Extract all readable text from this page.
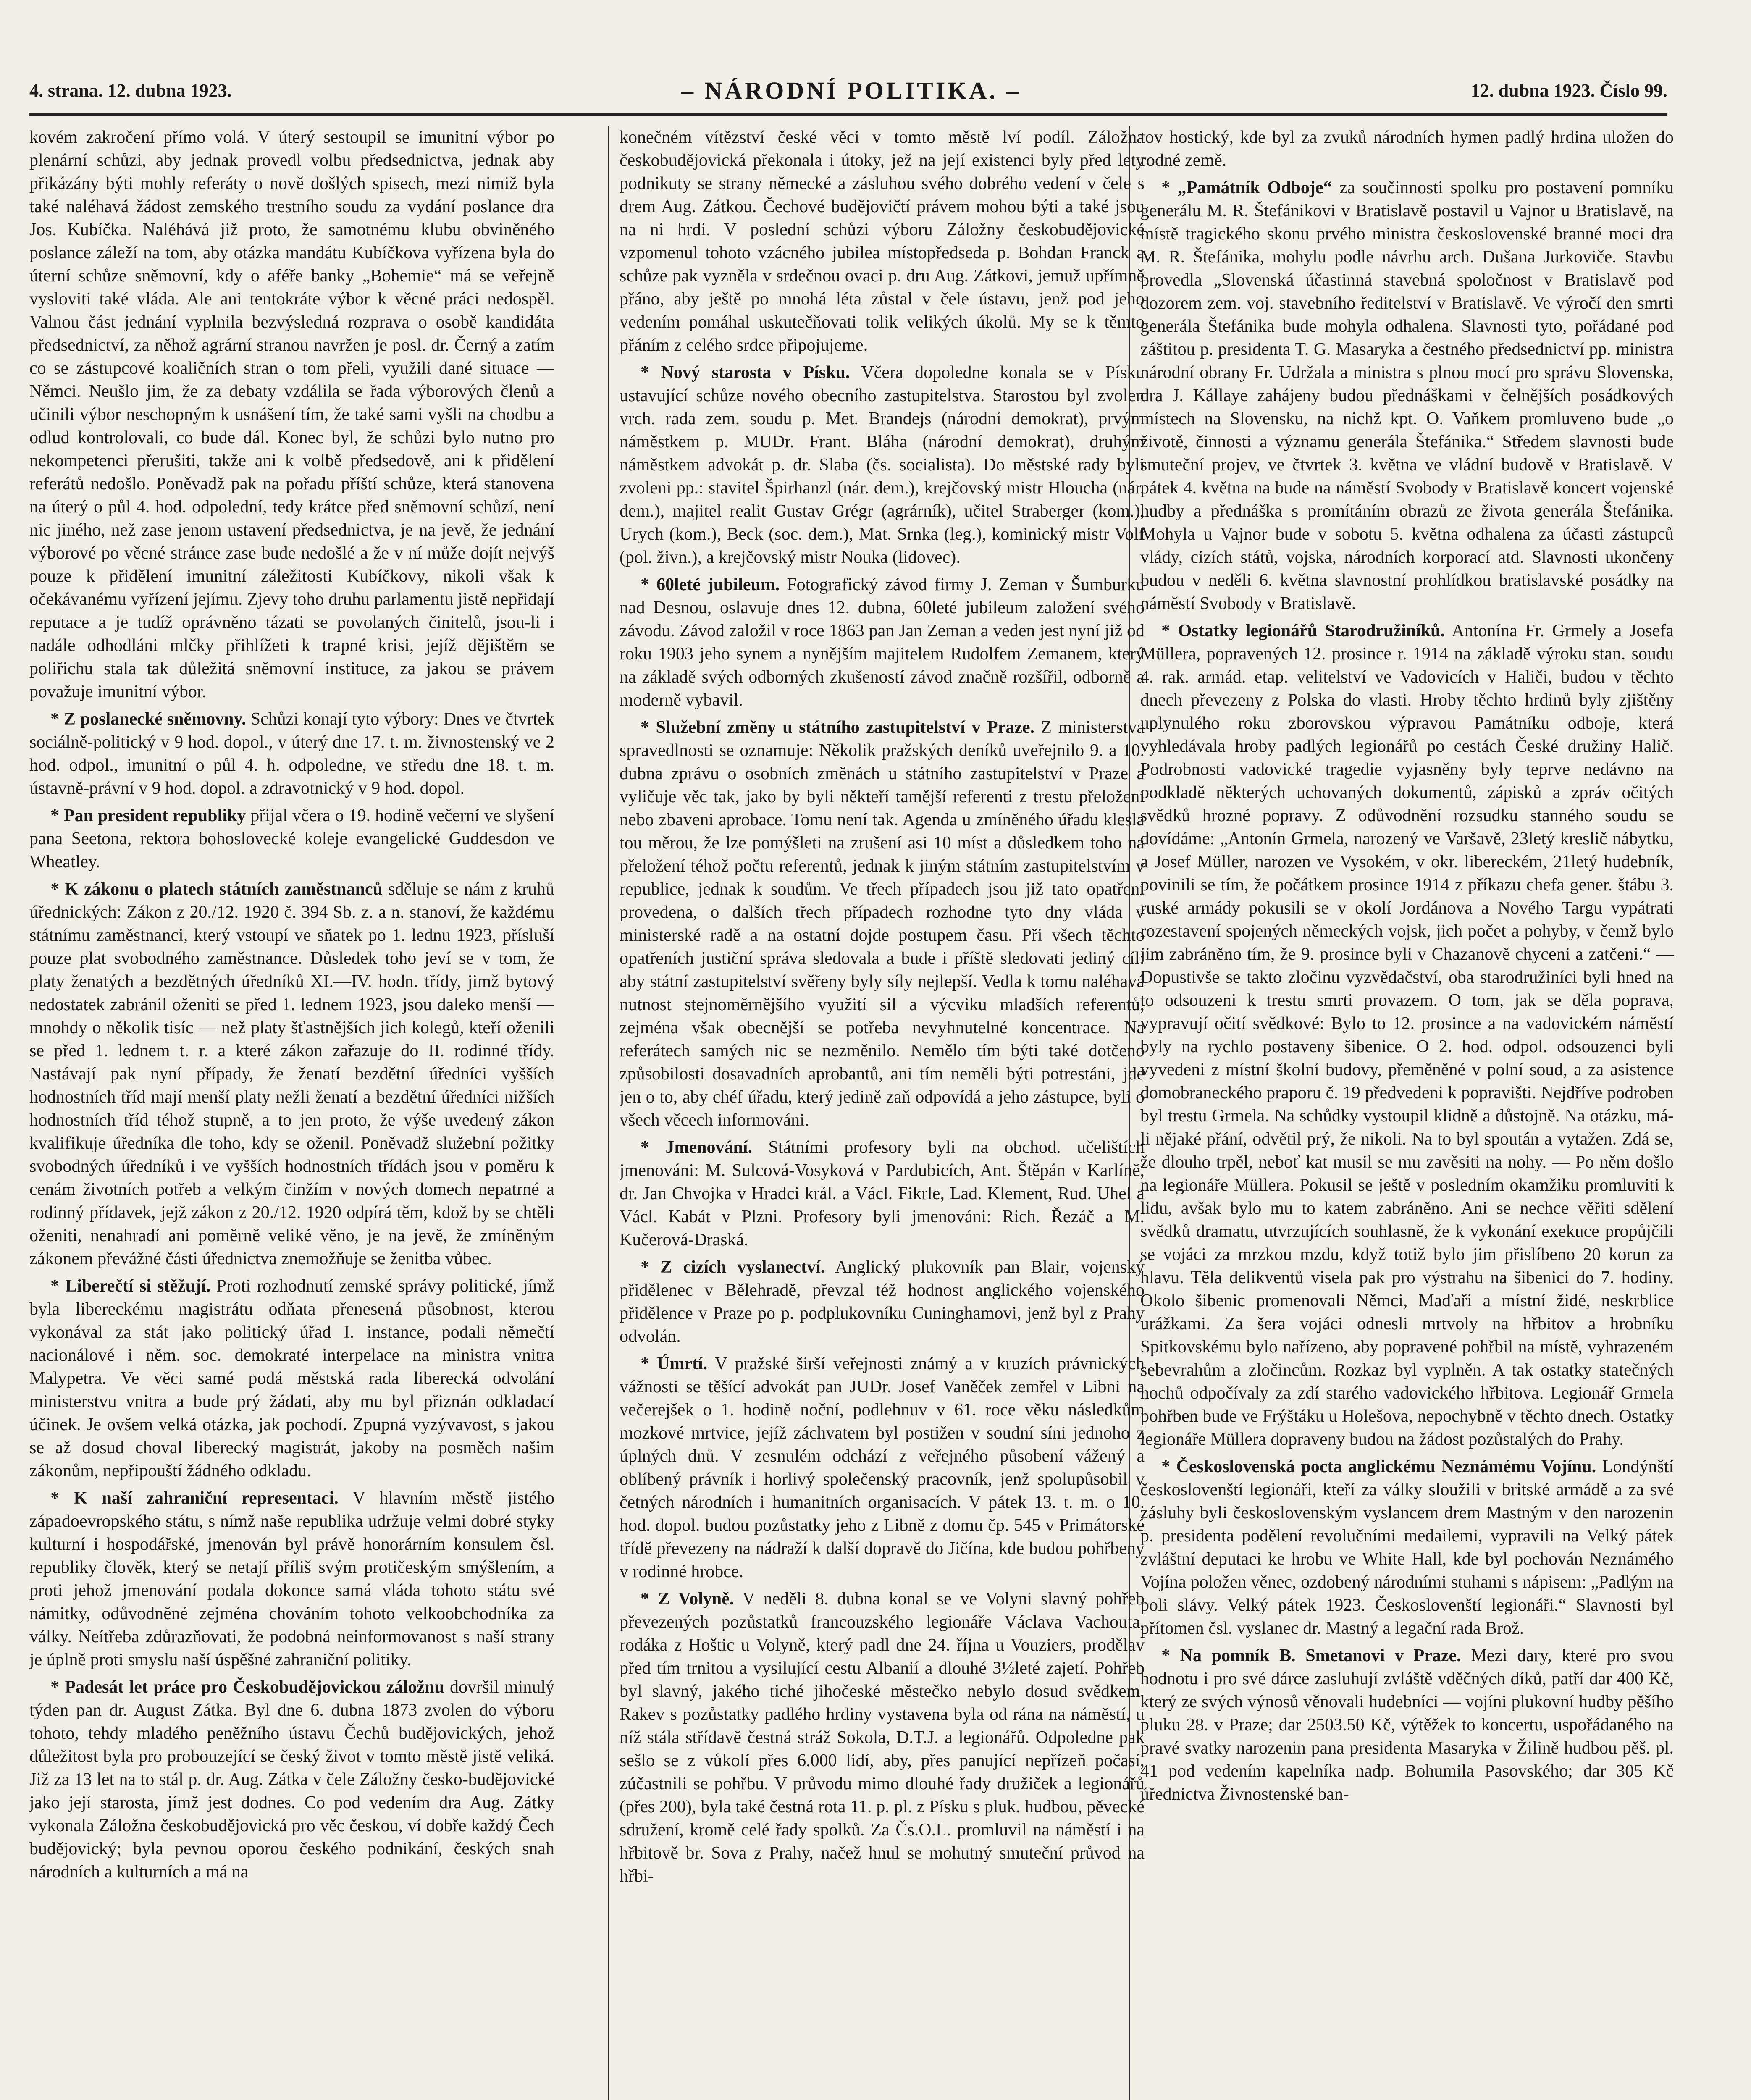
4. strana. 12. dubna 1923.	– NÁRODNÍ POLITIKA. –	12. dubna 1923. Číslo 99.

kovém zakročení přímo volá. V úterý sestoupil se imunitní výbor po plenární schůzi, aby jednak provedl volbu předsednictva, jednak aby přikázány býti mohly referáty o nově došlých spisech, mezi nimiž byla také naléhavá žádost zemského trestního soudu za vydání poslance dra Jos. Kubíčka. Naléhává již proto, že samotnému klubu obviněného poslance záleží na tom, aby otázka mandátu Kubíčkova vyřízena byla do úterní schůze sněmovní, kdy o aféře banky „Bohemie“ má se veřejně vysloviti také vláda. Ale ani tentokráte výbor k věcné práci nedospěl. Valnou část jednání vyplnila bezvýsledná rozprava o osobě kandidáta předsednictví, za něhož agrární stranou navržen je posl. dr. Černý a zatím co se zástupcové koaličních stran o tom přeli, využili dané situace — Němci. Neušlo jim, že za debaty vzdálila se řada výborových členů a učinili výbor neschopným k usnášení tím, že také sami vyšli na chodbu a odlud kontrolovali, co bude dál. Konec byl, že schůzi bylo nutno pro nekompetenci přerušiti, takže ani k volbě předsedově, ani k přidělení referátů nedošlo. Poněvadž pak na pořadu příští schůze, která stanovena na úterý o půl 4. hod. odpolední, tedy krátce před sněmovní schůzí, není nic jiného, než zase jenom ustavení předsednictva, je na jevě, že jednání výborové po věcné stránce zase bude nedošlé a že v ní může dojít nejvýš pouze k přidělení imunitní záležitosti Kubíčkovy, nikoli však k očekávanému vyřízení jejímu. Zjevy toho druhu parlamentu jistě nepřidají reputace a je tudíž oprávněno tázati se povolaných činitelů, jsou-li i nadále odhodláni mlčky přihlížeti k trapné krisi, jejíž dějištěm se poliřichu stala tak důležitá sněmovní instituce, za jakou se právem považuje imunitní výbor.

* Z poslanecké sněmovny. Schůzi konají tyto výbory: Dnes ve čtvrtek sociálně-politický v 9 hod. dopol., v úterý dne 17. t. m. živnostenský ve 2 hod. odpol., imunitní o půl 4. h. odpoledne, ve středu dne 18. t. m. ústavně-právní v 9 hod. dopol. a zdravotnický v 9 hod. dopol.

* Pan president republiky přijal včera o 19. hodině večerní ve slyšení pana Seetona, rektora bohoslovecké koleje evangelické Guddesdon ve Wheatley.

* K zákonu o platech státních zaměstnanců sděluje se nám z kruhů úřednických: Zákon z 20./12. 1920 č. 394 Sb. z. a n. stanoví, že každému státnímu zaměstnanci, který vstoupí ve sňatek po 1. lednu 1923, přísluší pouze plat svobodného zaměstnance. Důsledek toho jeví se v tom, že platy ženatých a bezdětných úředníků XI.—IV. hodn. třídy, jimž bytový nedostatek zabránil oženiti se před 1. lednem 1923, jsou daleko menší — mnohdy o několik tisíc — než platy šťastnějších jich kolegů, kteří oženili se před 1. lednem t. r. a které zákon zařazuje do II. rodinné třídy. Nastávají pak nyní případy, že ženatí bezdětní úředníci vyšších hodnostních tříd mají menší platy nežli ženatí a bezdětní úředníci nižších hodnostních tříd téhož stupně, a to jen proto, že výše uvedený zákon kvalifikuje úředníka dle toho, kdy se oženil. Poněvadž služební požitky svobodných úředníků i ve vyšších hodnostních třídách jsou v poměru k cenám životních potřeb a velkým činžím v nových domech nepatrné a rodinný přídavek, jejž zákon z 20./12. 1920 odpírá těm, kdož by se chtěli oženiti, nenahradí ani poměrně veliké věno, je na jevě, že zmíněným zákonem převážné části úřednictva znemožňuje se ženitba vůbec.

* Liberečtí si stěžují. Proti rozhodnutí zemské správy politické, jímž byla libereckému magistrátu odňata přenesená působnost, kterou vykonával za stát jako politický úřad I. instance, podali němečtí nacionálové i něm. soc. demokraté interpelace na ministra vnitra Malypetra. Ve věci samé podá městská rada liberecká odvolání ministerstvu vnitra a bude prý žádati, aby mu byl přiznán odkladací účinek. Je ovšem velká otázka, jak pochodí. Zpupná vyzývavost, s jakou se až dosud choval liberecký magistrát, jakoby na posměch našim zákonům, nepřipouští žádného odkladu.

* K naší zahraniční representaci. V hlavním městě jistého západoevropského státu, s nímž naše republika udržuje velmi dobré styky kulturní i hospodářské, jmenován byl právě honorárním konsulem čsl. republiky člověk, který se netají příliš svým protičeským smýšlením, a proti jehož jmenování podala dokonce samá vláda tohoto státu své námitky, odůvodněné zejména chováním tohoto velkoobchodníka za války. Neítřeba zdůrazňovati, že podobná neinformovanost s naší strany je úplně proti smyslu naší úspěšné zahraniční politiky.

* Padesát let práce pro Českobudějovickou záložnu dovršil minulý týden pan dr. August Zátka. Byl dne 6. dubna 1873 zvolen do výboru tohoto, tehdy mladého peněžního ústavu Čechů budějovických, jehož důležitost byla pro probouzející se český život v tomto městě jistě veliká. Již za 13 let na to stál p. dr. Aug. Zátka v čele Záložny česko-budějovické jako její starosta, jímž jest dodnes. Co pod vedením dra Aug. Zátky vykonala Záložna českobudějovická pro věc českou, ví dobře každý Čech budějovický; byla pevnou oporou českého podnikání, českých snah národních a kulturních a má na

konečném vítězství české věci v tomto městě lví podíl. Záložna českobudějovická překonala i útoky, jež na její existenci byly před lety podnikuty se strany německé a zásluhou svého dobrého vedení v čele s drem Aug. Zátkou. Čechové budějovičtí právem mohou býti a také jsou na ni hrdi. V poslední schůzi výboru Záložny českobudějovické vzpomenul tohoto vzácného jubilea místopředseda p. Bohdan Franck a schůze pak vyzněla v srdečnou ovaci p. dru Aug. Zátkovi, jemuž upřímně přáno, aby ještě po mnohá léta zůstal v čele ústavu, jenž pod jeho vedením pomáhal uskutečňovati tolik velikých úkolů. My se k těmto přáním z celého srdce připojujeme.

* Nový starosta v Písku. Včera dopoledne konala se v Písku ustavující schůze nového obecního zastupitelstva. Starostou byl zvolen vrch. rada zem. soudu p. Met. Brandejs (národní demokrat), prvým náměstkem p. MUDr. Frant. Bláha (národní demokrat), druhým náměstkem advokát p. dr. Slaba (čs. socialista). Do městské rady byli zvoleni pp.: stavitel Špirhanzl (nár. dem.), krejčovský mistr Hloucha (nár. dem.), majitel realit Gustav Grégr (agrárník), učitel Straberger (kom.), Urych (kom.), Beck (soc. dem.), Mat. Srnka (leg.), kominický mistr Volf (pol. živn.), a krejčovský mistr Nouka (lidovec).

* 60leté jubileum. Fotografický závod firmy J. Zeman v Šumburku nad Desnou, oslavuje dnes 12. dubna, 60leté jubileum založení svého závodu. Závod založil v roce 1863 pan Jan Zeman a veden jest nyní již od roku 1903 jeho synem a nynějším majitelem Rudolfem Zemanem, který na základě svých odborných zkušeností závod značně rozšířil, odborně a moderně vybavil.

* Služební změny u státního zastupitelství v Praze. Z ministerstva spravedlnosti se oznamuje: Několik pražských deníků uveřejnilo 9. a 10. dubna zprávu o osobních změnách u státního zastupitelství v Praze a vyličuje věc tak, jako by byli někteří tamější referenti z trestu přeložení nebo zbaveni aprobace. Tomu není tak. Agenda u zmíněného úřadu klesla tou měrou, že lze pomýšleti na zrušení asi 10 míst a důsledkem toho na přeložení téhož počtu referentů, jednak k jiným státním zastupitelstvím v republice, jednak k soudům. Ve třech případech jsou již tato opatření provedena, o dalších třech případech rozhodne tyto dny vláda v ministerské radě a na ostatní dojde postupem času. Při všech těchto opatřeních justiční správa sledovala a bude i příště sledovati jediný cíl: aby státní zastupitelství svěřeny byly síly nejlepší. Vedla k tomu naléhavá nutnost stejnoměrnějšího využití sil a výcviku mladších referentů, zejména však obecnější se potřeba nevyhnutelné koncentrace. Na referátech samých nic se nezměnilo. Nemělo tím býti také dotčeno způsobilosti dosavadních aprobantů, ani tím neměli býti potrestáni, jde jen o to, aby chéf úřadu, který jedině zaň odpovídá a jeho zástupce, byli o všech věcech informováni.

* Jmenování. Státními profesory byli na obchod. učelištích jmenováni: M. Sulcová-Vosyková v Pardubicích, Ant. Štěpán v Karlíně, dr. Jan Chvojka v Hradci král. a Václ. Fikrle, Lad. Klement, Rud. Uhel a Václ. Kabát v Plzni. Profesory byli jmenováni: Rich. Řezáč a M. Kučerová-Draská.

* Z cizích vyslanectví. Anglický plukovník pan Blair, vojenský přidělenec v Bělehradě, převzal též hodnost anglického vojenského přidělence v Praze po p. podplukovníku Cuninghamovi, jenž byl z Prahy odvolán.

* Úmrtí. V pražské širší veřejnosti známý a v kruzích právnických vážnosti se těšící advokát pan JUDr. Josef Vaněček zemřel v Libni na večerejšek o 1. hodině noční, podlehnuv v 61. roce věku následkům mozkové mrtvice, jejíž záchvatem byl postižen v soudní síni jednoho z úplných dnů. V zesnulém odchází z veřejného působení vážený a oblíbený právník i horlivý společenský pracovník, jenž spolupůsobil v četných národních i humanitních organisacích. V pátek 13. t. m. o 10. hod. dopol. budou pozůstatky jeho z Libně z domu čp. 545 v Primátorské třídě převezeny na nádraží k další dopravě do Jičína, kde budou pohřbeny v rodinné hrobce.

* Z Volyně. V neděli 8. dubna konal se ve Volyni slavný pohřeb převezených pozůstatků francouzského legionáře Václava Vachouta, rodáka z Hoštic u Volyně, který padl dne 24. října u Vouziers, prodělav před tím trnitou a vysilující cestu Albanií a dlouhé 3½leté zajetí. Pohřeb byl slavný, jakého tiché jihočeské městečko nebylo dosud svědkem. Rakev s pozůstatky padlého hrdiny vystavena byla od rána na náměstí, u níž stála střídavě čestná stráž Sokola, D.T.J. a legionářů. Odpoledne pak sešlo se z vůkolí přes 6.000 lidí, aby, přes panující nepřízeň počasí, zúčastnili se pohřbu. V průvodu mimo dlouhé řady družiček a legionářů (přes 200), byla také čestná rota 11. p. pl. z Písku s pluk. hudbou, pěvecké sdružení, kromě celé řady spolků. Za Čs.O.L. promluvil na náměstí i na hřbitově br. Sova z Prahy, načež hnul se mohutný smuteční průvod na hřbi-

tov hostický, kde byl za zvuků národních hymen padlý hrdina uložen do rodné země.

* „Památník Odboje“ za součinnosti spolku pro postavení pomníku generálu M. R. Štefánikovi v Bratislavě postavil u Vajnor u Bratislavě, na místě tragického skonu prvého ministra československé branné moci dra M. R. Štefánika, mohylu podle návrhu arch. Dušana Jurkoviče. Stavbu provedla „Slovenská účastinná stavebná spoločnost v Bratislavě pod dozorem zem. voj. stavebního ředitelství v Bratislavě. Ve výročí den smrti generála Štefánika bude mohyla odhalena. Slavnosti tyto, pořádané pod záštitou p. presidenta T. G. Masaryka a čestného předsednictví pp. ministra národní obrany Fr. Udržala a ministra s plnou mocí pro správu Slovenska, dra J. Kállaye zahájeny budou přednáškami v čelnějších posádkových místech na Slovensku, na nichž kpt. O. Vaňkem promluveno bude „o životě, činnosti a významu generála Štefánika.“ Středem slavnosti bude smuteční projev, ve čtvrtek 3. května ve vládní budově v Bratislavě. V pátek 4. května na bude na náměstí Svobody v Bratislavě koncert vojenské hudby a přednáška s promítáním obrazů ze života generála Štefánika. Mohyla u Vajnor bude v sobotu 5. května odhalena za účasti zástupců vlády, cizích států, vojska, národních korporací atd. Slavnosti ukončeny budou v neděli 6. května slavnostní prohlídkou bratislavské posádky na náměstí Svobody v Bratislavě.

* Ostatky legionářů Starodružiníků. Antonína Fr. Grmely a Josefa Müllera, popravených 12. prosince r. 1914 na základě výroku stan. soudu 4. rak. armád. etap. velitelství ve Vadovicích v Haliči, budou v těchto dnech převezeny z Polska do vlasti. Hroby těchto hrdinů byly zjištěny uplynulého roku zborovskou výpravou Památníku odboje, která vyhledávala hroby padlých legionářů po cestách České družiny Halič. Podrobnosti vadovické tragedie vyjasněny byly teprve nedávno na podkladě některých uchovaných dokumentů, zápisků a zpráv očitých svědků hrozné popravy. Z odůvodnění rozsudku stanného soudu se dovídáme: „Antonín Grmela, narozený ve Varšavě, 23letý kreslič nábytku, a Josef Müller, narozen ve Vysokém, v okr. libereckém, 21letý hudebník, povinili se tím, že počátkem prosince 1914 z příkazu chefa gener. štábu 3. ruské armády pokusili se v okolí Jordánova a Nového Targu vypátrati rozestavení spojených německých vojsk, jich počet a pohyby, v čemž bylo jim zabráněno tím, že 9. prosince byli v Chazanově chyceni a zatčeni.“ — Dopustivše se takto zločinu vyzvědačství, oba starodružiníci byli hned na to odsouzeni k trestu smrti provazem. O tom, jak se děla poprava, vypravují očití svědkové: Bylo to 12. prosince a na vadovickém náměstí byly na rychlo postaveny šibenice. O 2. hod. odpol. odsouzenci byli vyvedeni z místní školní budovy, přeměněné v polní soud, a za asistence domobraneckého praporu č. 19 předvedeni k popravišti. Nejdříve podroben byl trestu Grmela. Na schůdky vystoupil klidně a důstojně. Na otázku, má-li nějaké přání, odvětil prý, že nikoli. Na to byl spoután a vytažen. Zdá se, že dlouho trpěl, neboť kat musil se mu zavěsiti na nohy. — Po něm došlo na legionáře Müllera. Pokusil se ještě v posledním okamžiku promluviti k lidu, avšak bylo mu to katem zabráněno. Ani se nechce věřiti sdělení svědků dramatu, utvrzujících souhlasně, že k vykonání exekuce propůjčili se vojáci za mrzkou mzdu, když totiž bylo jim přislíbeno 20 korun za hlavu. Těla delikventů visela pak pro výstrahu na šibenici do 7. hodiny. Okolo šibenic promenovali Němci, Maďaři a místní židé, neskrblice urážkami. Za šera vojáci odnesli mrtvoly na hřbitov a hrobníku Spitkovskému bylo nařízeno, aby popravené pohřbil na místě, vyhrazeném sebevrahům a zločincům. Rozkaz byl vyplněn. A tak ostatky statečných hochů odpočívaly za zdí starého vadovického hřbitova. Legionář Grmela pohřben bude ve Frýštáku u Holešova, nepochybně v těchto dnech. Ostatky legionáře Müllera dopraveny budou na žádost pozůstalých do Prahy.

* Československá pocta anglickému Neznámému Vojínu. Londýnští českoslovenští legionáři, kteří za války sloužili v britské armádě a za své zásluhy byli československým vyslancem drem Mastným v den narozenin p. presidenta podělení revolučními medailemi, vypravili na Velký pátek zvláštní deputaci ke hrobu ve White Hall, kde byl pochován Neznámého Vojína položen věnec, ozdobený národními stuhami s nápisem: „Padlým na poli slávy. Velký pátek 1923. Českoslovenští legionáři.“ Slavnosti byl přítomen čsl. vyslanec dr. Mastný a legační rada Brož.

* Na pomník B. Smetanovi v Praze. Mezi dary, které pro svou hodnotu i pro své dárce zasluhují zvláště vděčných díků, patří dar 400 Kč, který ze svých výnosů věnovali hudebníci — vojíni plukovní hudby pěšího pluku 28. v Praze; dar 2503.50 Kč, výtěžek to koncertu, uspořádaného na pravé svatky narozenin pana presidenta Masaryka v Žilině hudbou pěš. pl. 41 pod vedením kapelníka nadp. Bohumila Pasovského; dar 305 Kč úřednictva Živnostenské ban-
